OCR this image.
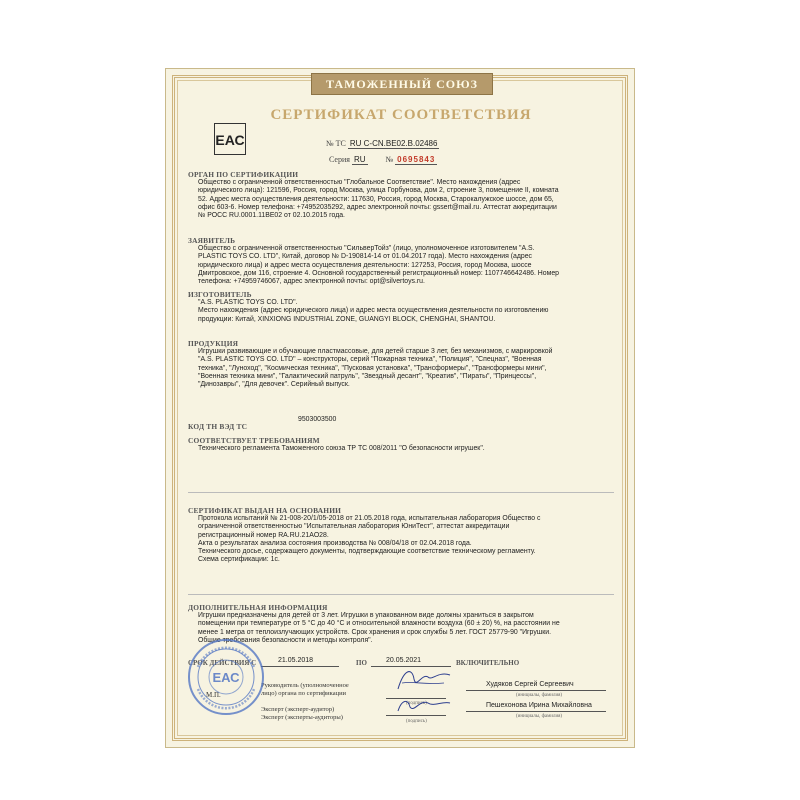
ТАМОЖЕННЫЙ СОЮЗ
СЕРТИФИКАТ СООТВЕТСТВИЯ
ЕАС	№ ТС RU C-CN.BE02.B.02486
Серия RU	№ 0695843
ОРГАН ПО СЕРТИФИКАЦИИ
Общество с ограниченной ответственностью "Глобальное Соответствие". Место нахождения (адрес
юридического лица): 121596, Россия, город Москва, улица Горбунова, дом 2, строение 3, помещение II, комната
52. Адрес места осуществления деятельности: 117630, Россия, город Москва, Старокалужское шоссе, дом 65,
офис 603-6. Номер телефона: +74952035292, адрес электронной почты: gssert@mail.ru. Аттестат аккредитации
№ РОСС RU.0001.11BE02 от 02.10.2015 года.
ЗАЯВИТЕЛЬ
Общество с ограниченной ответственностью "СильверТойз" (лицо, уполномоченное изготовителем "A.S.
PLASTIC TOYS CO. LTD", Китай, договор № D-190814-14 от 01.04.2017 года). Место нахождения (адрес
юридического лица) и адрес места осуществления деятельности: 127253, Россия, город Москва, шоссе
Дмитровское, дом 116, строение 4. Основной государственный регистрационный номер: 1107746642486. Номер
телефона: +74959746067, адрес электронной почты: opt@silvertoys.ru.
ИЗГОТОВИТЕЛЬ
"A.S. PLASTIC TOYS CO. LTD".
Место нахождения (адрес юридического лица) и адрес места осуществления деятельности по изготовлению
продукции: Китай, XINXIONG INDUSTRIAL ZONE, GUANGYI BLOCK, CHENGHAI, SHANTOU.
ПРОДУКЦИЯ
Игрушки развивающие и обучающие пластмассовые, для детей старше 3 лет, без механизмов, с маркировкой
"A.S. PLASTIC TOYS CO. LTD" – конструкторы, серий "Пожарная техника", "Полиция", "Спецназ", "Военная
техника", "Луноход", "Космическая техника", "Пусковая установка", "Трансформеры", "Трансформеры мини",
"Военная техника мини", "Галактический патруль", "Звездный десант", "Креатив", "Пираты", "Принцессы",
"Динозавры", "Для девочек". Серийный выпуск.
КОД ТН ВЭД ТС
9503003500
СООТВЕТСТВУЕТ ТРЕБОВАНИЯМ
Технического регламента Таможенного союза ТР ТС 008/2011 "О безопасности игрушек".
СЕРТИФИКАТ ВЫДАН НА ОСНОВАНИИ
Протокола испытаний № 21-008-20/1/05-2018 от 21.05.2018 года, испытательная лаборатория Общество с
ограниченной ответственностью "Испытательная лаборатория ЮниТест", аттестат аккредитации
регистрационный номер RA.RU.21AO28.
Акта о результатах анализа состояния производства № 008/04/18 от 02.04.2018 года.
Технического досье, содержащего документы, подтверждающие соответствие техническому регламенту.
Схема сертификации: 1с.
ДОПОЛНИТЕЛЬНАЯ ИНФОРМАЦИЯ
Игрушки предназначены для детей от 3 лет. Игрушки в упакованном виде должны храниться в закрытом
помещении при температуре от 5 °С до 40 °С и относительной влажности воздуха (60 ± 20) %, на расстоянии не
менее 1 метра от теплоизлучающих устройств. Срок хранения и срок службы 5 лет. ГОСТ 25779-90 "Игрушки.
Общие требования безопасности и методы контроля".
СРОК ДЕЙСТВИЯ С	21.05.2018	ПО	20.05.2021	ВКЛЮЧИТЕЛЬНО
М.П.
Руководитель (уполномоченное
лицо) органа по сертификации
(подпись)
Худяков Сергей Сергеевич
(инициалы, фамилия)
Эксперт (эксперт-аудитор)
Эксперт (эксперты-аудиторы)
(подпись)
Пешехонова Ирина Михайловна
(инициалы, фамилия)
ЕАС
